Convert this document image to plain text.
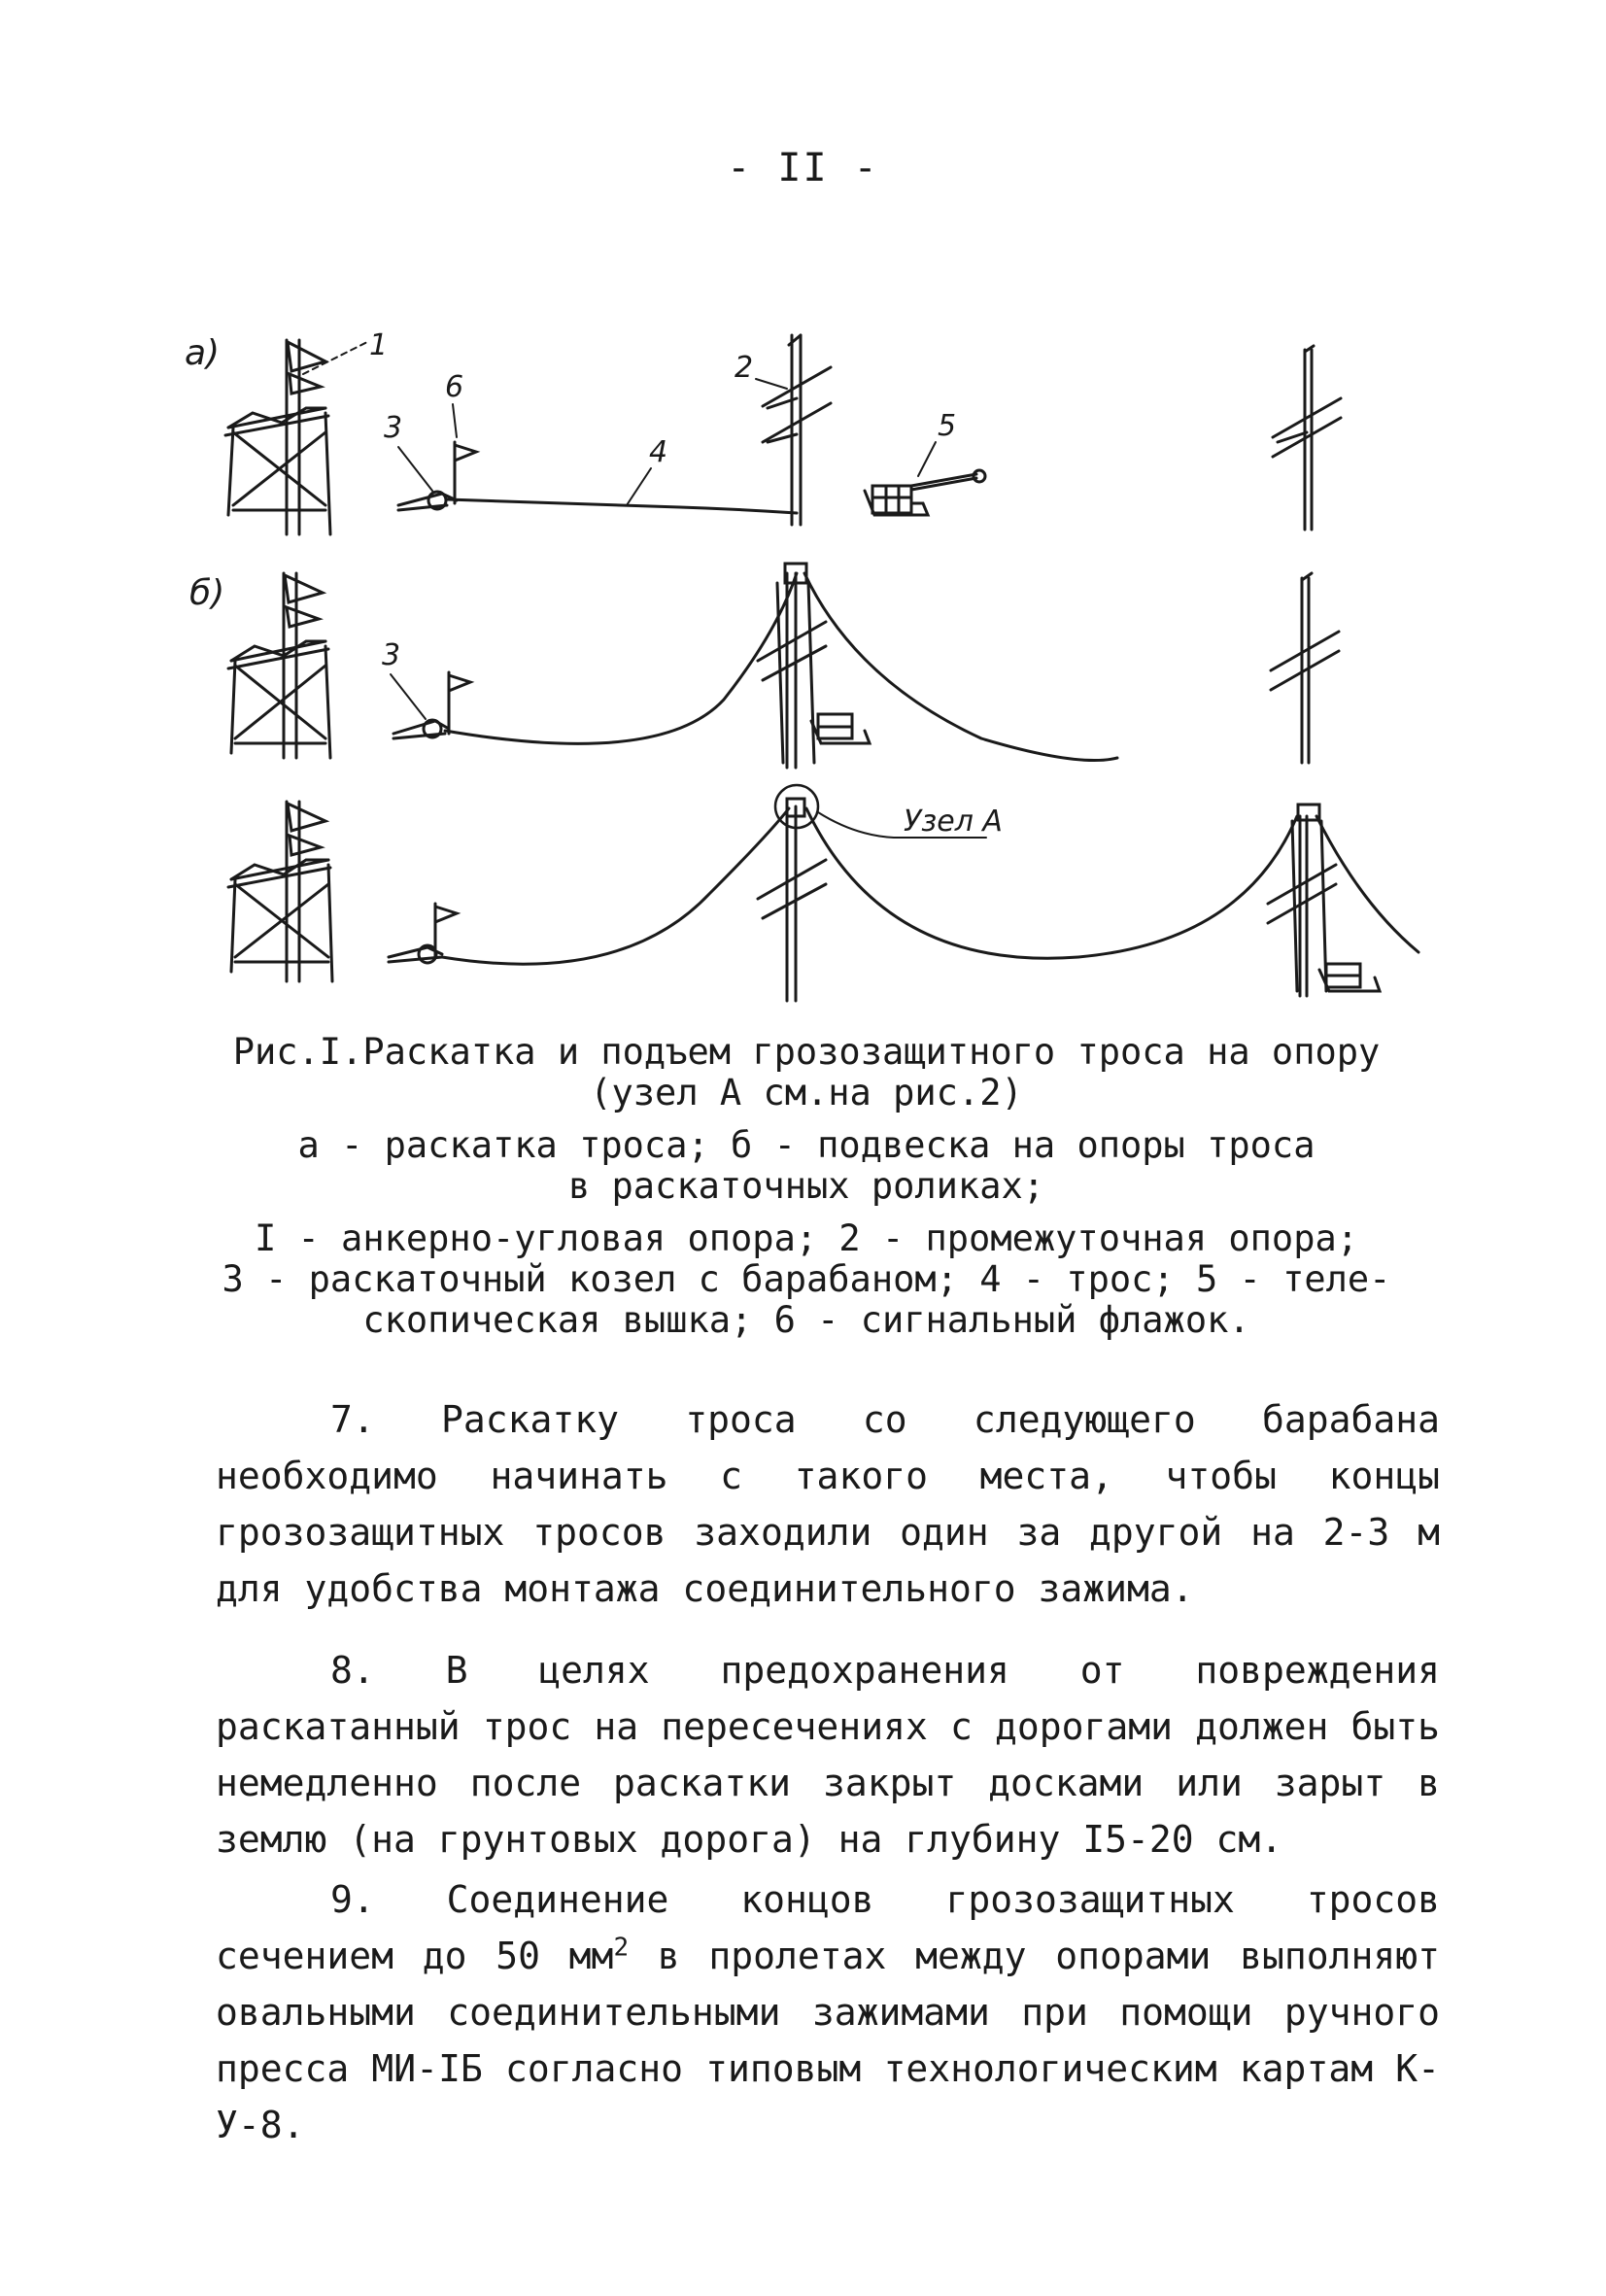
- II -
а)
б)
1
3
6
4
2
5
3
Узел А
Рис.I.Раскатка и подъем грозозащитного троса на опору
(узел А см.на рис.2)
а - раскатка троса; б - подвеска на опоры троса
в раскаточных роликах;
I - анкерно-угловая опора; 2 - промежуточная опора;
3 - раскаточный козел с барабаном; 4 - трос; 5 - теле-
скопическая вышка; 6 - сигнальный флажок.

7. Раскатку троса со следующего барабана необходимо начинать с такого места, чтобы концы грозозащитных тросов заходили один за другой на 2-3 м для удобства монтажа соединительного зажима.

8. В целях предохранения от повреждения раскатанный трос на пересечениях с дорогами должен быть немедленно после раскатки закрыт досками или зарыт в землю (на грунтовых дорога) на глубину I5-20 см.

9. Соединение концов грозозащитных тросов сечением до 50 $мм^2$ в пролетах между опорами выполняют овальными соединительными зажимами при помощи ручного пресса МИ-IБ согласно типовым технологическим картам К-У-8.
